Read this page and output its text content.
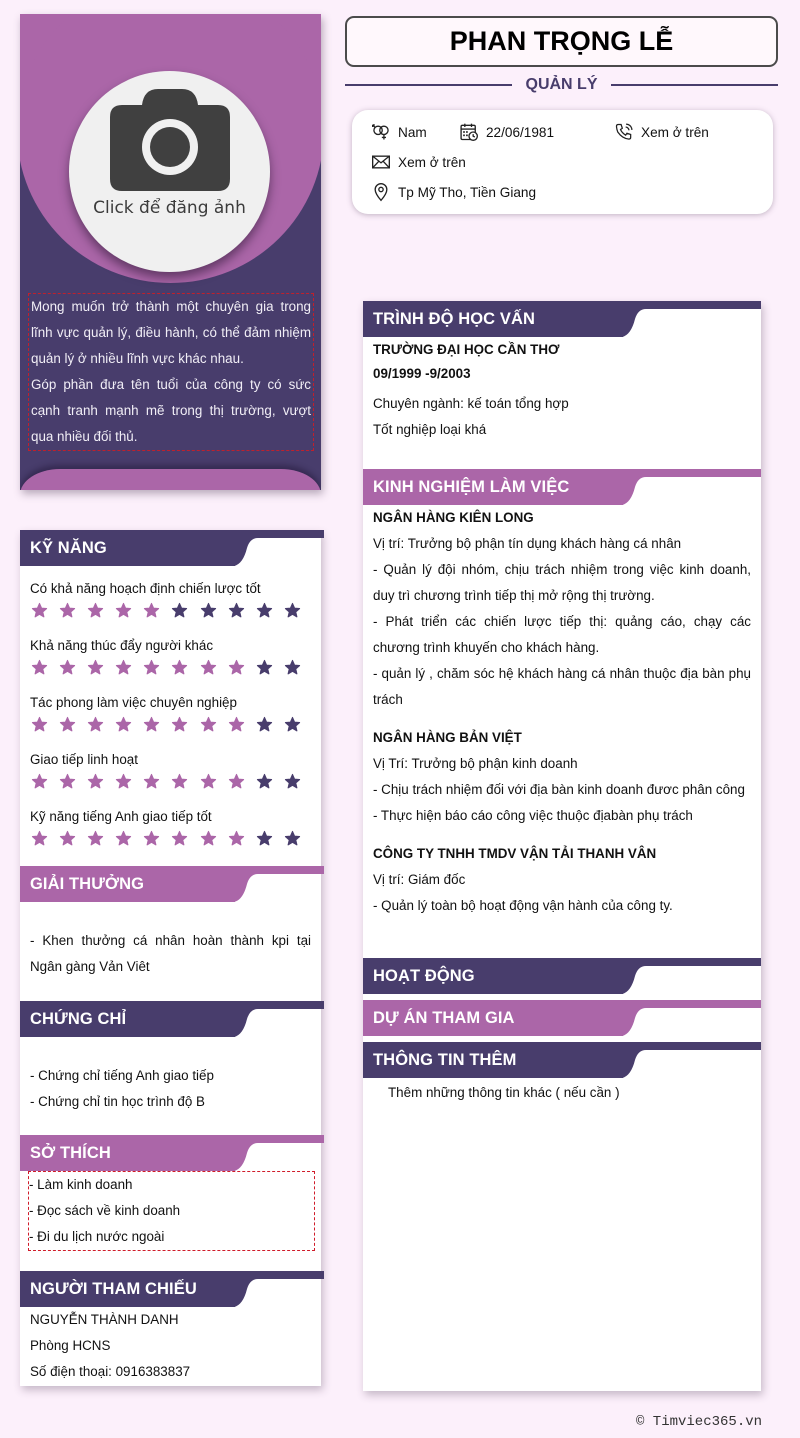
Click để đăng ảnh

Mong muốn trở thành một chuyên gia trong lĩnh vực quản lý, điều hành, có thể đảm nhiệm quản lý ở nhiều lĩnh vực khác nhau.

Góp phần đưa tên tuổi của công ty có sức cạnh tranh mạnh mẽ trong thị trường, vượt qua nhiều đối thủ.

PHAN TRỌNG LỄ
QUẢN LÝ
Nam	22/06/1981	Xem ở trên
Xem ở trên
Tp Mỹ Tho, Tiền Giang
KỸ NĂNG
Có khả năng hoạch định chiến lược tốt
Khả năng thúc đẩy người khác
Tác phong làm việc chuyên nghiệp
Giao tiếp linh hoạt
Kỹ năng tiếng Anh giao tiếp tốt
GIẢI THƯỞNG
- Khen thưởng cá nhân hoàn thành kpi tại Ngân gàng Vản Viêt
CHỨNG CHỈ
- Chứng chỉ tiếng Anh giao tiếp
- Chứng chỉ tin học trình độ B
SỞ THÍCH
- Làm kinh doanh
- Đọc sách về kinh doanh
- Đi du lịch nước ngoài
NGƯỜI THAM CHIẾU
NGUYỄN THÀNH DANH
Phòng HCNS
Số điện thoại: 0916383837
TRÌNH ĐỘ HỌC VẤN
TRƯỜNG ĐẠI HỌC CẦN THƠ
09/1999 -9/2003
Chuyên ngành: kế toán tổng hợp
Tốt nghiệp loại khá
KINH NGHIỆM LÀM VIỆC
NGÂN HÀNG KIÊN LONG
Vị trí: Trưởng bộ phận tín dụng khách hàng cá nhân
- Quản lý đội nhóm, chịu trách nhiệm trong việc kinh doanh, duy trì chương trình tiếp thị mở rộng thị trường.
- Phát triển các chiến lược tiếp thị: quảng cáo, chạy các chương trình khuyến cho khách hàng.
- quản lý , chăm sóc hệ khách hàng cá nhân thuộc địa bàn phụ trách
NGÂN HÀNG BẢN VIỆT
Vị Trí: Trưởng bộ phận kinh doanh
- Chịu trách nhiệm đối với địa bàn kinh doanh đươc phân công
- Thực hiện báo cáo công việc thuộc địabàn phụ trách
CÔNG TY TNHH TMDV VẬN TẢI THANH VÂN
Vị trí: Giám đốc
- Quản lý toàn bộ hoạt động vận hành của công ty.
HOẠT ĐỘNG
DỰ ÁN THAM GIA
THÔNG TIN THÊM
Thêm những thông tin khác ( nếu cần )
© Timviec365.vn
